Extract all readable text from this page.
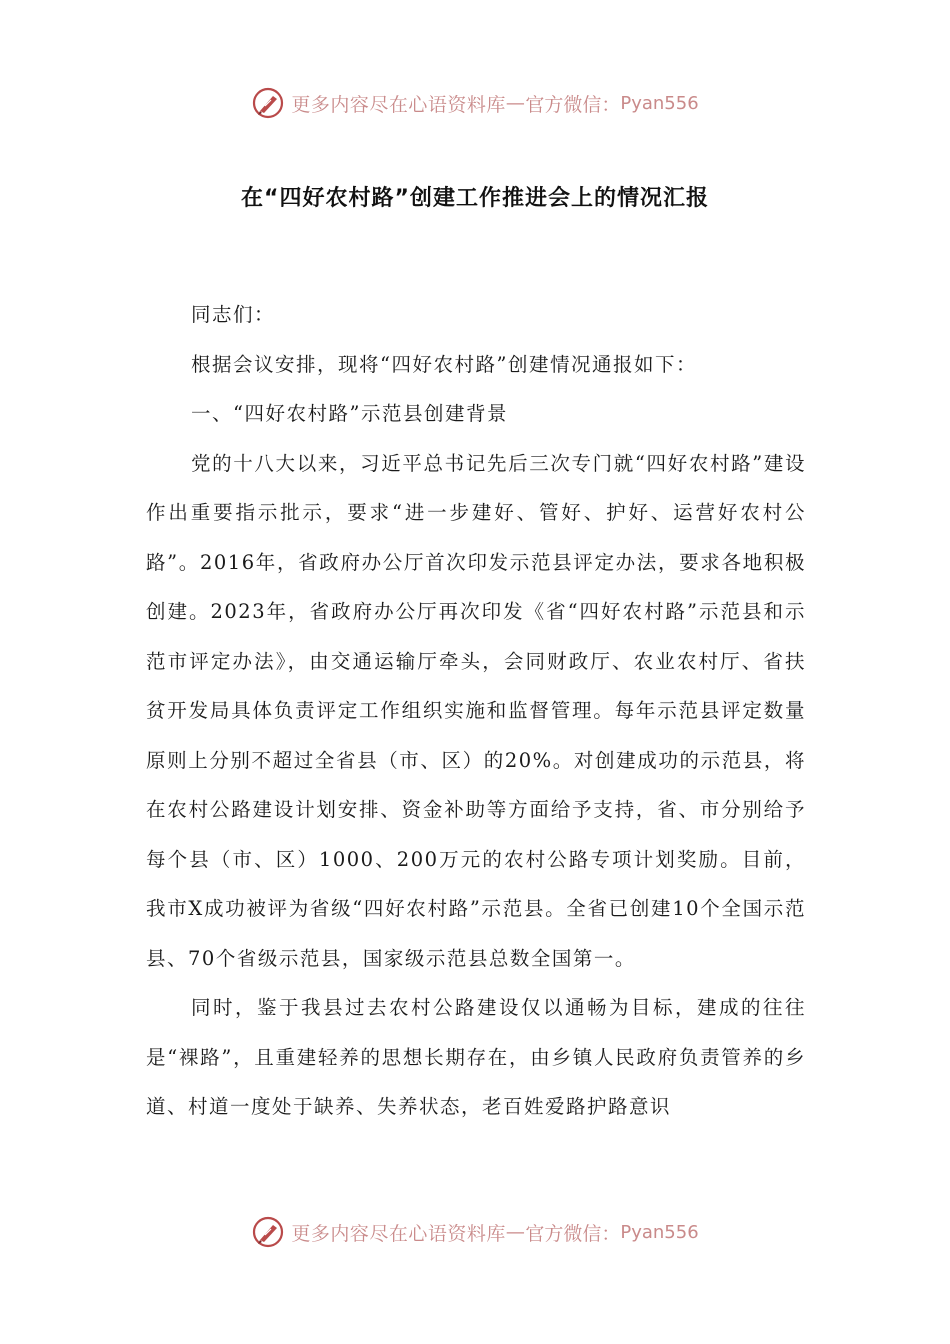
更多内容尽在心语资料库 — 官方微信： Pyan556
在“四好农村路”创建工作推进会上的情况汇报

同志们：

根据会议安排，现将“四好农村路”创建情况通报如下：

一、“四好农村路”示范县创建背景

党的十八大以来，习近平总书记先后三次专门就“四好农村路”建设作出重要指示批示，要求“进一步建好、管好、护好、运营好农村公路”。2016年，省政府办公厅首次印发示范县评定办法，要求各地积极创建。2023年，省政府办公厅再次印发《省“四好农村路”示范县和示范市评定办法》，由交通运输厅牵头，会同财政厅、农业农村厅、省扶贫开发局具体负责评定工作组织实施和监督管理。每年示范县评定数量原则上分别不超过全省县（市、区）的20%。对创建成功的示范县，将在农村公路建设计划安排、资金补助等方面给予支持，省、市分别给予每个县（市、区）1000、200万元的农村公路专项计划奖励。目前，我市X成功被评为省级“四好农村路”示范县。全省已创建10个全国示范县、70个省级示范县，国家级示范县总数全国第一。

同时，鉴于我县过去农村公路建设仅以通畅为目标，建成的往往是“裸路”，且重建轻养的思想长期存在，由乡镇人民政府负责管养的乡道、村道一度处于缺养、失养状态，老百姓爱路护路意识

更多内容尽在心语资料库 — 官方微信： Pyan556
